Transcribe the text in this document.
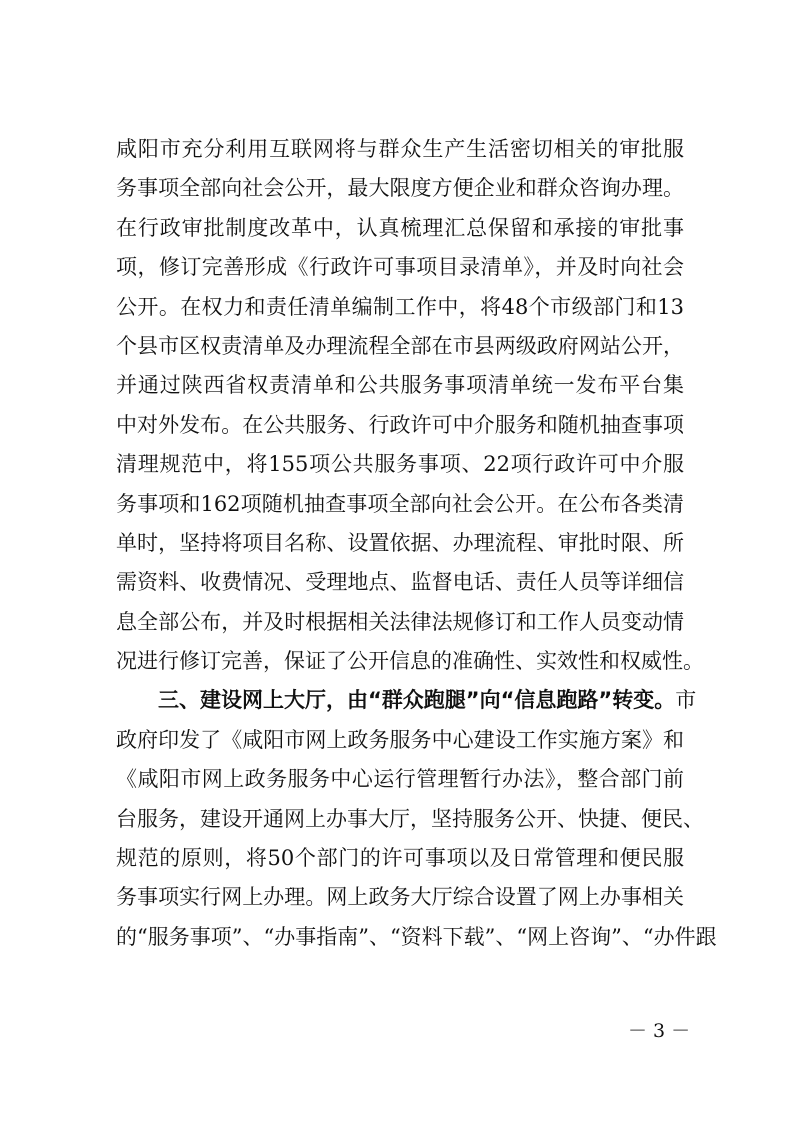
咸阳市充分利用互联网将与群众生产生活密切相关的审批服
务事项全部向社会公开，最大限度方便企业和群众咨询办理。
在行政审批制度改革中，认真梳理汇总保留和承接的审批事
项，修订完善形成《行政许可事项目录清单》，并及时向社会
公开。在权力和责任清单编制工作中，将48个市级部门和13
个县市区权责清单及办理流程全部在市县两级政府网站公开，
并通过陕西省权责清单和公共服务事项清单统一发布平台集
中对外发布。在公共服务、行政许可中介服务和随机抽查事项
清理规范中，将155项公共服务事项、22项行政许可中介服
务事项和162项随机抽查事项全部向社会公开。在公布各类清
单时，坚持将项目名称、设置依据、办理流程、审批时限、所
需资料、收费情况、受理地点、监督电话、责任人员等详细信
息全部公布，并及时根据相关法律法规修订和工作人员变动情
况进行修订完善，保证了公开信息的准确性、实效性和权威性。
三、建设网上大厅，由“群众跑腿”向“信息跑路”转变。市
政府印发了《咸阳市网上政务服务中心建设工作实施方案》和
《咸阳市网上政务服务中心运行管理暂行办法》，整合部门前
台服务，建设开通网上办事大厅，坚持服务公开、快捷、便民、
规范的原则，将50个部门的许可事项以及日常管理和便民服
务事项实行网上办理。网上政务大厅综合设置了网上办事相关
的“服务事项”、“办事指南”、“资料下载”、“网上咨询”、“办件跟
－ 3 －
